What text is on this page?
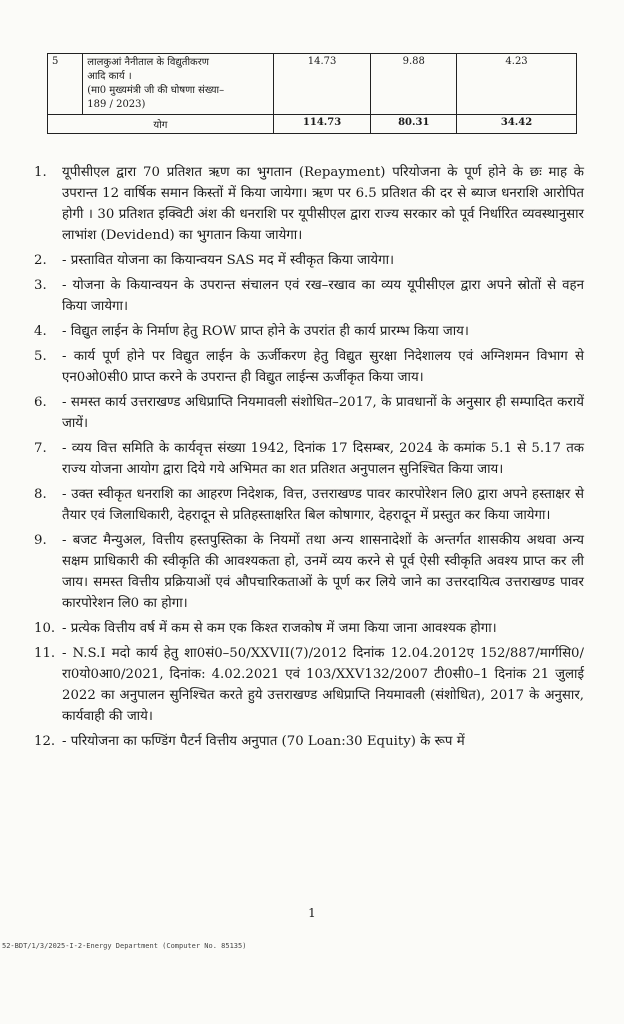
5	लालकुआं नैनीताल के विद्युतीकरण
आदि कार्य ।
(मा0 मुख्यमंत्री जी की घोषणा संख्या–
189 / 2023)	14.73	9.88	4.23
योग		114.73	80.31	34.42
1. यूपीसीएल द्वारा 70 प्रतिशत ऋण का भुगतान (Repayment) परियोजना के पूर्ण होने के छः माह के उपरान्त 12 वार्षिक समान किस्तों में किया जायेगा। ऋण पर 6.5 प्रतिशत की दर से ब्याज धनराशि आरोपित होगी । 30 प्रतिशत इक्विटी अंश की धनराशि पर यूपीसीएल द्वारा राज्य सरकार को पूर्व निर्धारित व्यवस्थानुसार लाभांश (Devidend) का भुगतान किया जायेगा।
2. - प्रस्तावित योजना का कियान्वयन SAS मद में स्वीकृत किया जायेगा।
3. - योजना के कियान्वयन के उपरान्त संचालन एवं रख–रखाव का व्यय यूपीसीएल द्वारा अपने स्रोतों से वहन किया जायेगा।
4. - विद्युत लाईन के निर्माण हेतु ROW प्राप्त होने के उपरांत ही कार्य प्रारम्भ किया जाय।
5. - कार्य पूर्ण होने पर विद्युत लाईन के ऊर्जीकरण हेतु विद्युत सुरक्षा निदेशालय एवं अग्निशमन विभाग से एन0ओ0सी0 प्राप्त करने के उपरान्त ही विद्युत लाईन्स ऊर्जीकृत किया जाय।
6. - समस्त कार्य उत्तराखण्ड अधिप्राप्ति नियमावली संशोधित–2017, के प्रावधानों के अनुसार ही सम्पादित करायें जायें।
7. - व्यय वित्त समिति के कार्यवृत्त संख्या 1942, दिनांक 17 दिसम्बर, 2024 के कमांक 5.1 से 5.17 तक राज्य योजना आयोग द्वारा दिये गये अभिमत का शत प्रतिशत अनुपालन सुनिश्चित किया जाय।
8. - उक्त स्वीकृत धनराशि का आहरण निदेशक, वित्त, उत्तराखण्ड पावर कारपोरेशन लि0 द्वारा अपने हस्ताक्षर से तैयार एवं जिलाधिकारी, देहरादून से प्रतिहस्ताक्षरित बिल कोषागार, देहरादून में प्रस्तुत कर किया जायेगा।
9. - बजट मैन्युअल, वित्तीय हस्तपुस्तिका के नियमों तथा अन्य शासनादेशों के अन्तर्गत शासकीय अथवा अन्य सक्षम प्राधिकारी की स्वीकृति की आवश्यकता हो, उनमें व्यय करने से पूर्व ऐसी स्वीकृति अवश्य प्राप्त कर ली जाय। समस्त वित्तीय प्रक्रियाओं एवं औपचारिकताओं के पूर्ण कर लिये जाने का उत्तरदायित्व उत्तराखण्ड पावर कारपोरेशन लि0 का होगा।
10. - प्रत्येक वित्तीय वर्ष में कम से कम एक किश्त राजकोष में जमा किया जाना आवश्यक होगा।
11. - N.S.I मदो कार्य हेतु शा0सं0–50/XXVII(7)/2012 दिनांक 12.04.2012ए 152/887/मार्गसि0/ रा0यो0आ0/2021, दिनांक: 4.02.2021 एवं 103/XXV132/2007 टी0सी0–1 दिनांक 21 जुलाई 2022 का अनुपालन सुनिश्चित करते हुये उत्तराखण्ड अधिप्राप्ति नियमावली (संशोधित), 2017 के अनुसार, कार्यवाही की जाये।
12. - परियोजना का फण्डिंग पैटर्न वित्तीय अनुपात (70 Loan:30 Equity) के रूप में
1
52-BDT/1/3/2025-I-2-Energy Department (Computer No. 85135)
